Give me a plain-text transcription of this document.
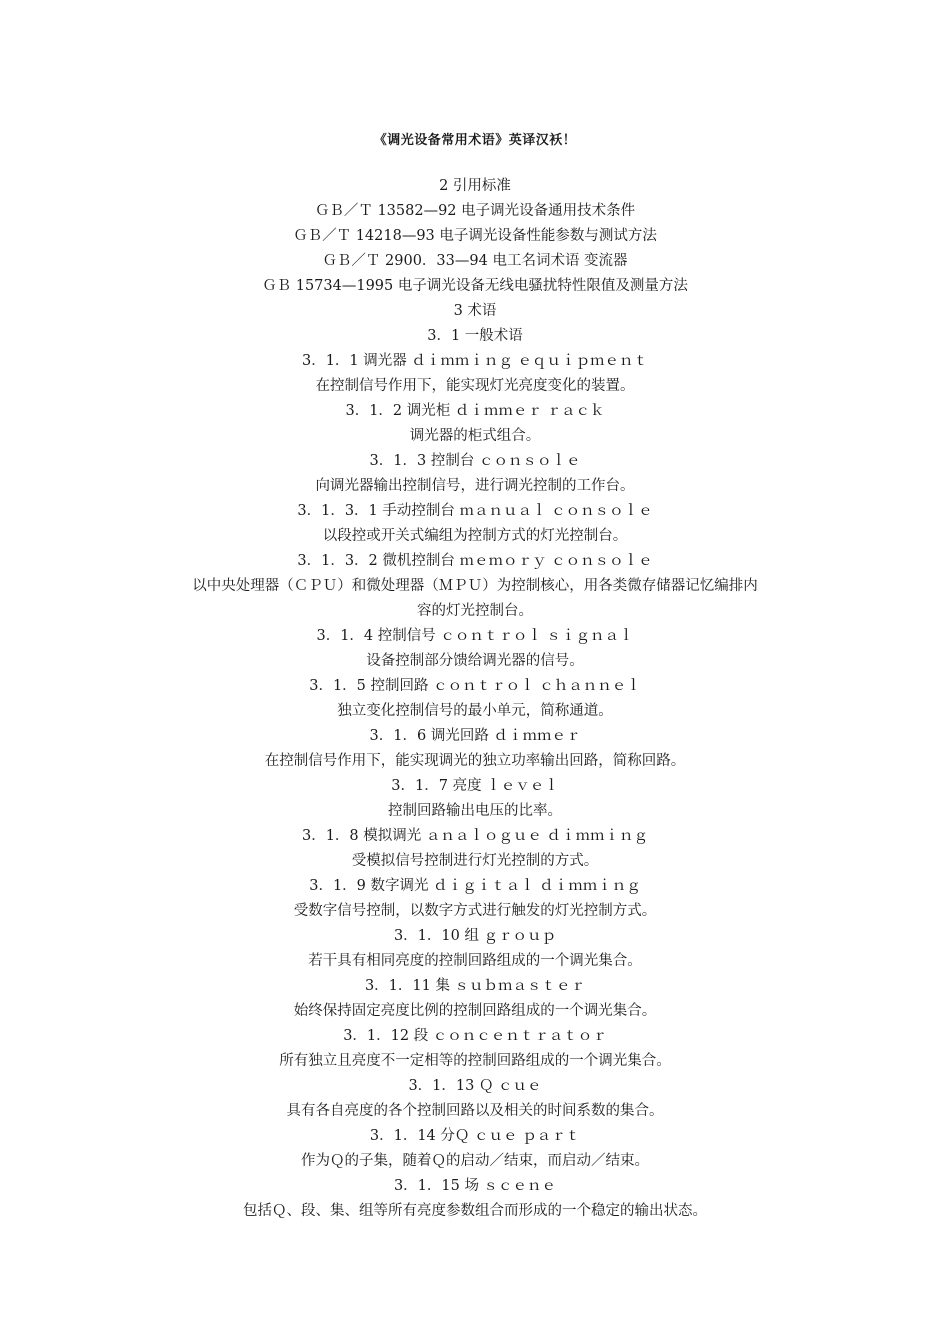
《调光设备常用术语》英译汉袄！
2 引用标准
ＧＢ／Ｔ 13582—92 电子调光设备通用技术条件
ＧＢ／Ｔ 14218—93 电子调光设备性能参数与测试方法
ＧＢ／Ｔ 2900．33—94 电工名词术语 变流器
ＧＢ 15734—1995 电子调光设备无线电骚扰特性限值及测量方法
3 术语
3．1 一般术语
3．1．1 调光器 ｄｉｍｍｉｎｇ ｅｑｕｉｐｍｅｎｔ
在控制信号作用下，能实现灯光亮度变化的装置。
3．1．2 调光柜 ｄｉｍｍｅｒ ｒａｃｋ
调光器的柜式组合。
3．1．3 控制台 ｃｏｎｓｏｌｅ
向调光器输出控制信号，进行调光控制的工作台。
3．1．3．1 手动控制台 ｍａｎｕａｌ ｃｏｎｓｏｌｅ
以段控或开关式编组为控制方式的灯光控制台。
3．1．3．2 微机控制台 ｍｅｍｏｒｙ ｃｏｎｓｏｌｅ
以中央处理器（ＣＰＵ）和微处理器（ＭＰＵ）为控制核心，用各类微存储器记忆编排内
容的灯光控制台。
3．1．4 控制信号 ｃｏｎｔｒｏｌ ｓｉｇｎａｌ
设备控制部分馈给调光器的信号。
3．1．5 控制回路 ｃｏｎｔｒｏｌ ｃｈａｎｎｅｌ
独立变化控制信号的最小单元，简称通道。
3．1．6 调光回路 ｄｉｍｍｅｒ
在控制信号作用下，能实现调光的独立功率输出回路，简称回路。
3．1．7 亮度 ｌｅｖｅｌ
控制回路输出电压的比率。
3．1．8 模拟调光 ａｎａｌｏｇｕｅ ｄｉｍｍｉｎｇ
受模拟信号控制进行灯光控制的方式。
3．1．9 数字调光 ｄｉｇｉｔａｌ ｄｉｍｍｉｎｇ
受数字信号控制，以数字方式进行触发的灯光控制方式。
3．1．10 组 ｇｒｏｕｐ
若干具有相同亮度的控制回路组成的一个调光集合。
3．1．11 集 ｓｕｂｍａｓｔｅｒ
始终保持固定亮度比例的控制回路组成的一个调光集合。
3．1．12 段 ｃｏｎｃｅｎｔｒａｔｏｒ
所有独立且亮度不一定相等的控制回路组成的一个调光集合。
3．1．13 Ｑ ｃｕｅ
具有各自亮度的各个控制回路以及相关的时间系数的集合。
3．1．14 分Ｑ ｃｕｅ ｐａｒｔ
作为Ｑ的子集，随着Ｑ的启动／结束，而启动／结束。
3．1．15 场 ｓｃｅｎｅ
包括Ｑ、段、集、组等所有亮度参数组合而形成的一个稳定的输出状态。
